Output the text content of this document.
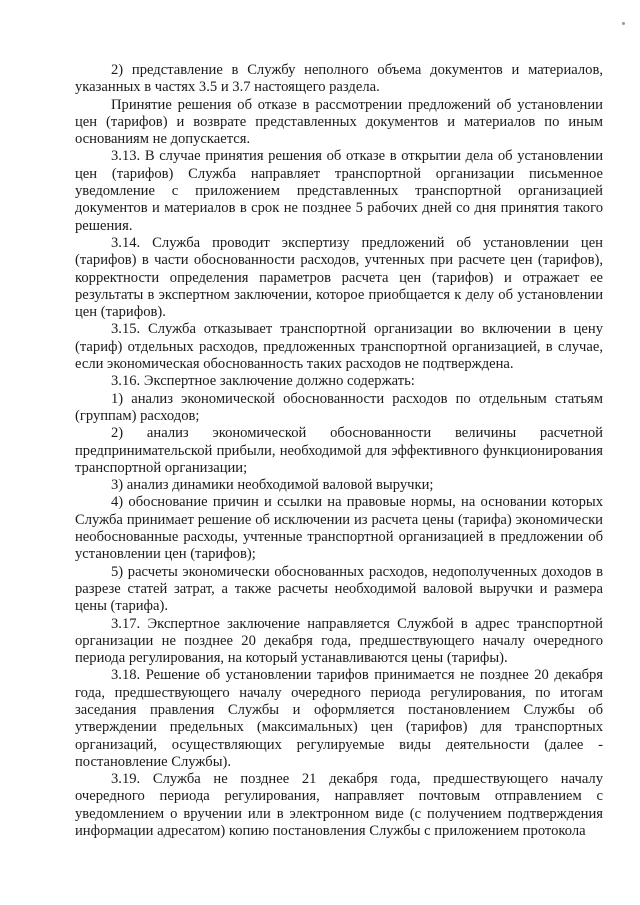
2) представление в Службу неполного объема документов и материалов, указанных в частях 3.5 и 3.7 настоящего раздела.

Принятие решения об отказе в рассмотрении предложений об установлении цен (тарифов) и возврате представленных документов и материалов по иным основаниям не допускается.

3.13. В случае принятия решения об отказе в открытии дела об установлении цен (тарифов) Служба направляет транспортной организации письменное уведомление с приложением представленных транспортной организацией документов и материалов в срок не позднее 5 рабочих дней со дня принятия такого решения.

3.14. Служба проводит экспертизу предложений об установлении цен (тарифов) в части обоснованности расходов, учтенных при расчете цен (тарифов), корректности определения параметров расчета цен (тарифов) и отражает ее результаты в экспертном заключении, которое приобщается к делу об установлении цен (тарифов).

3.15. Служба отказывает транспортной организации во включении в цену (тариф) отдельных расходов, предложенных транспортной организацией, в случае, если экономическая обоснованность таких расходов не подтверждена.

3.16. Экспертное заключение должно содержать:

1) анализ экономической обоснованности расходов по отдельным статьям (группам) расходов;

2) анализ экономической обоснованности величины расчетной предпринимательской прибыли, необходимой для эффективного функционирования транспортной организации;

3) анализ динамики необходимой валовой выручки;

4) обоснование причин и ссылки на правовые нормы, на основании которых Служба принимает решение об исключении из расчета цены (тарифа) экономически необоснованные расходы, учтенные транспортной организацией в предложении об установлении цен (тарифов);

5) расчеты экономически обоснованных расходов, недополученных доходов в разрезе статей затрат, а также расчеты необходимой валовой выручки и размера цены (тарифа).

3.17. Экспертное заключение направляется Службой в адрес транспортной организации не позднее 20 декабря года, предшествующего началу очередного периода регулирования, на который устанавливаются цены (тарифы).

3.18. Решение об установлении тарифов принимается не позднее 20 декабря года, предшествующего началу очередного периода регулирования, по итогам заседания правления Службы и оформляется постановлением Службы об утверждении предельных (максимальных) цен (тарифов) для транспортных организаций, осуществляющих регулируемые виды деятельности (далее - постановление Службы).

3.19. Служба не позднее 21 декабря года, предшествующего началу очередного периода регулирования, направляет почтовым отправлением с уведомлением о вручении или в электронном виде (с получением подтверждения информации адресатом) копию постановления Службы с приложением протокола
